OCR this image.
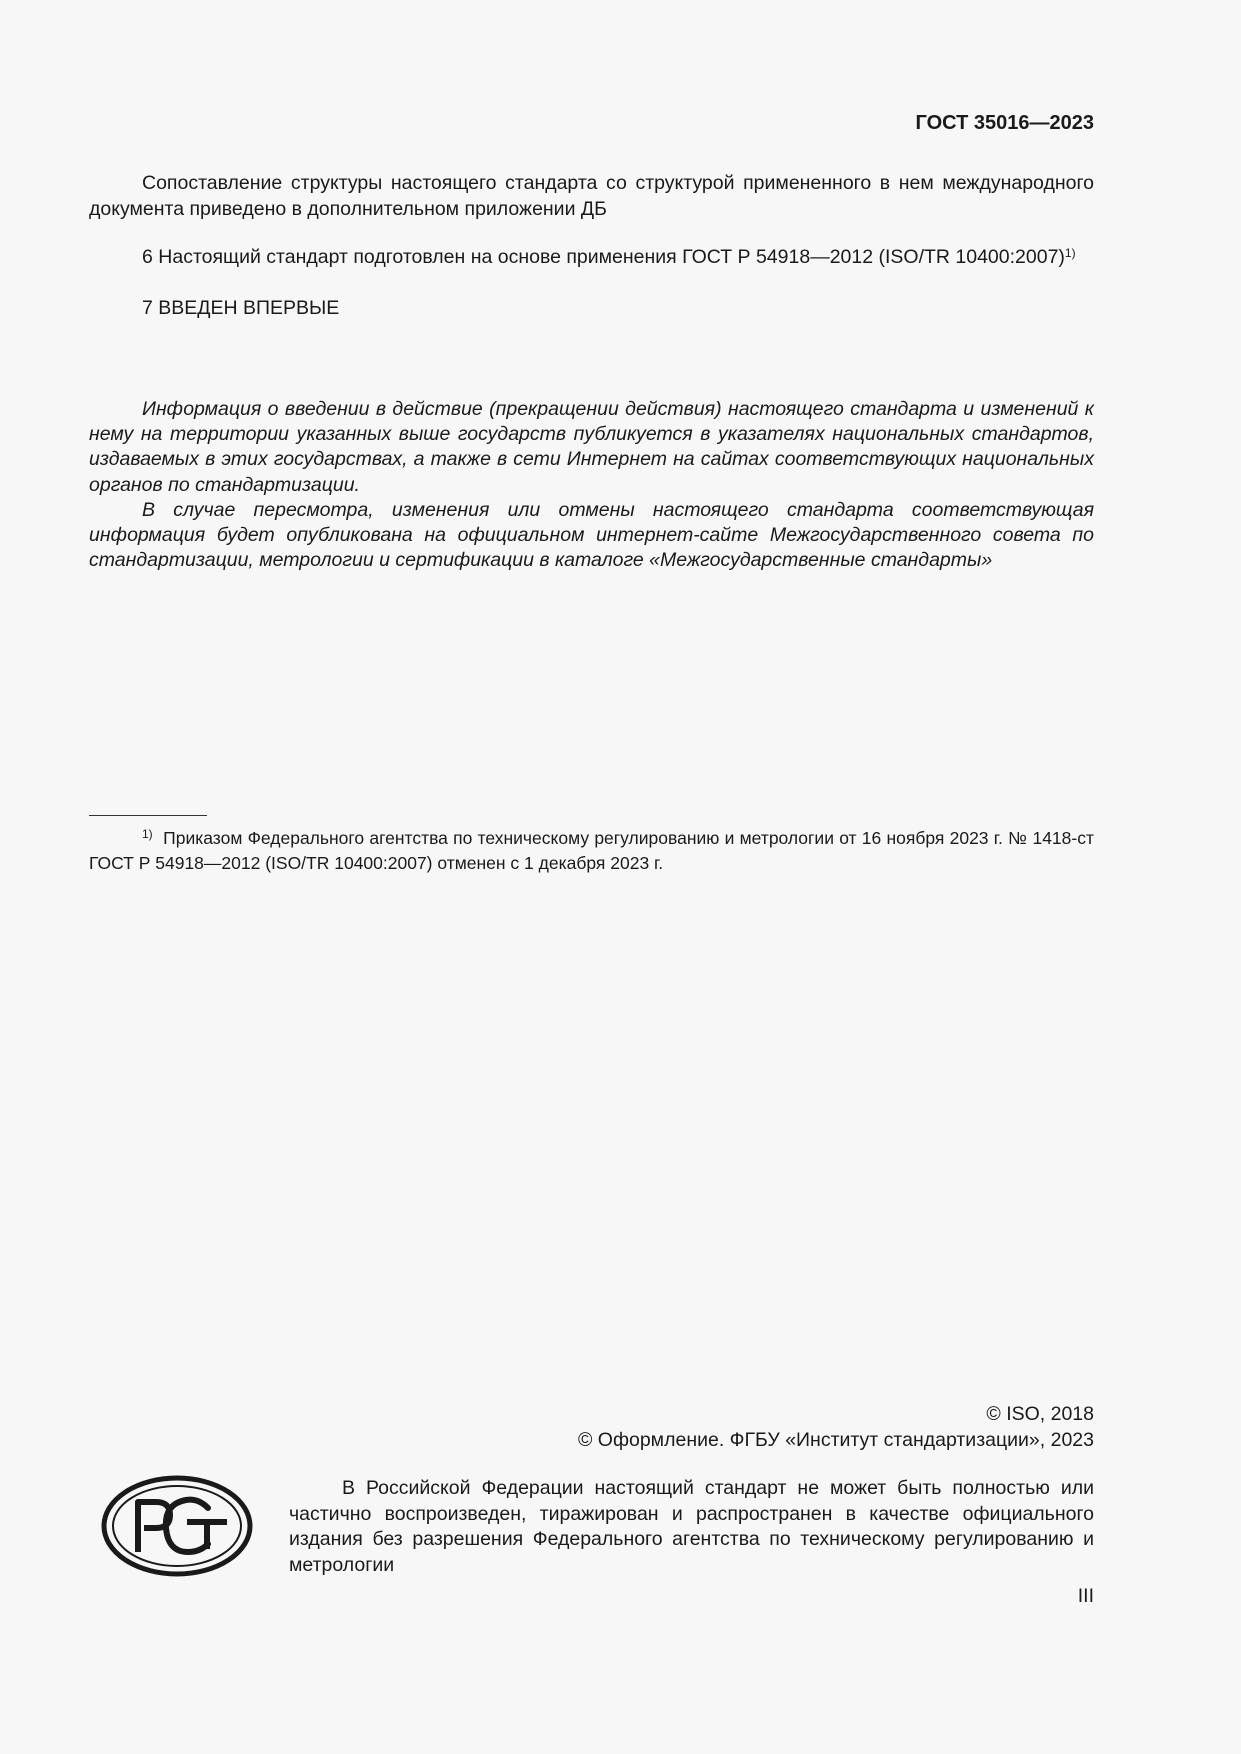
ГОСТ 35016—2023

Сопоставление структуры настоящего стандарта со структурой примененного в нем международного документа приведено в дополнительном приложении ДБ

6 Настоящий стандарт подготовлен на основе применения ГОСТ Р 54918—2012 (ISO/TR 10400:2007)$^{1)}$

7 ВВЕДЕН ВПЕРВЫЕ

Информация о введении в действие (прекращении действия) настоящего стандарта и изменений к нему на территории указанных выше государств публикуется в указателях национальных стандартов, издаваемых в этих государствах, а также в сети Интернет на сайтах соответствующих национальных органов по стандартизации.

В случае пересмотра, изменения или отмены настоящего стандарта соответствующая информация будет опубликована на официальном интернет-сайте Межгосударственного совета по стандартизации, метрологии и сертификации в каталоге «Межгосударственные стандарты»

$^{1)}$ Приказом Федерального агентства по техническому регулированию и метрологии от 16 ноября 2023 г. № 1418-ст ГОСТ Р 54918—2012 (ISO/TR 10400:2007) отменен с 1 декабря 2023 г.

© ISO, 2018
© Оформление. ФГБУ «Институт стандартизации», 2023

В Российской Федерации настоящий стандарт не может быть полностью или частично воспроизведен, тиражирован и распространен в качестве официального издания без разрешения Федерального агентства по техническому регулированию и метрологии

III
